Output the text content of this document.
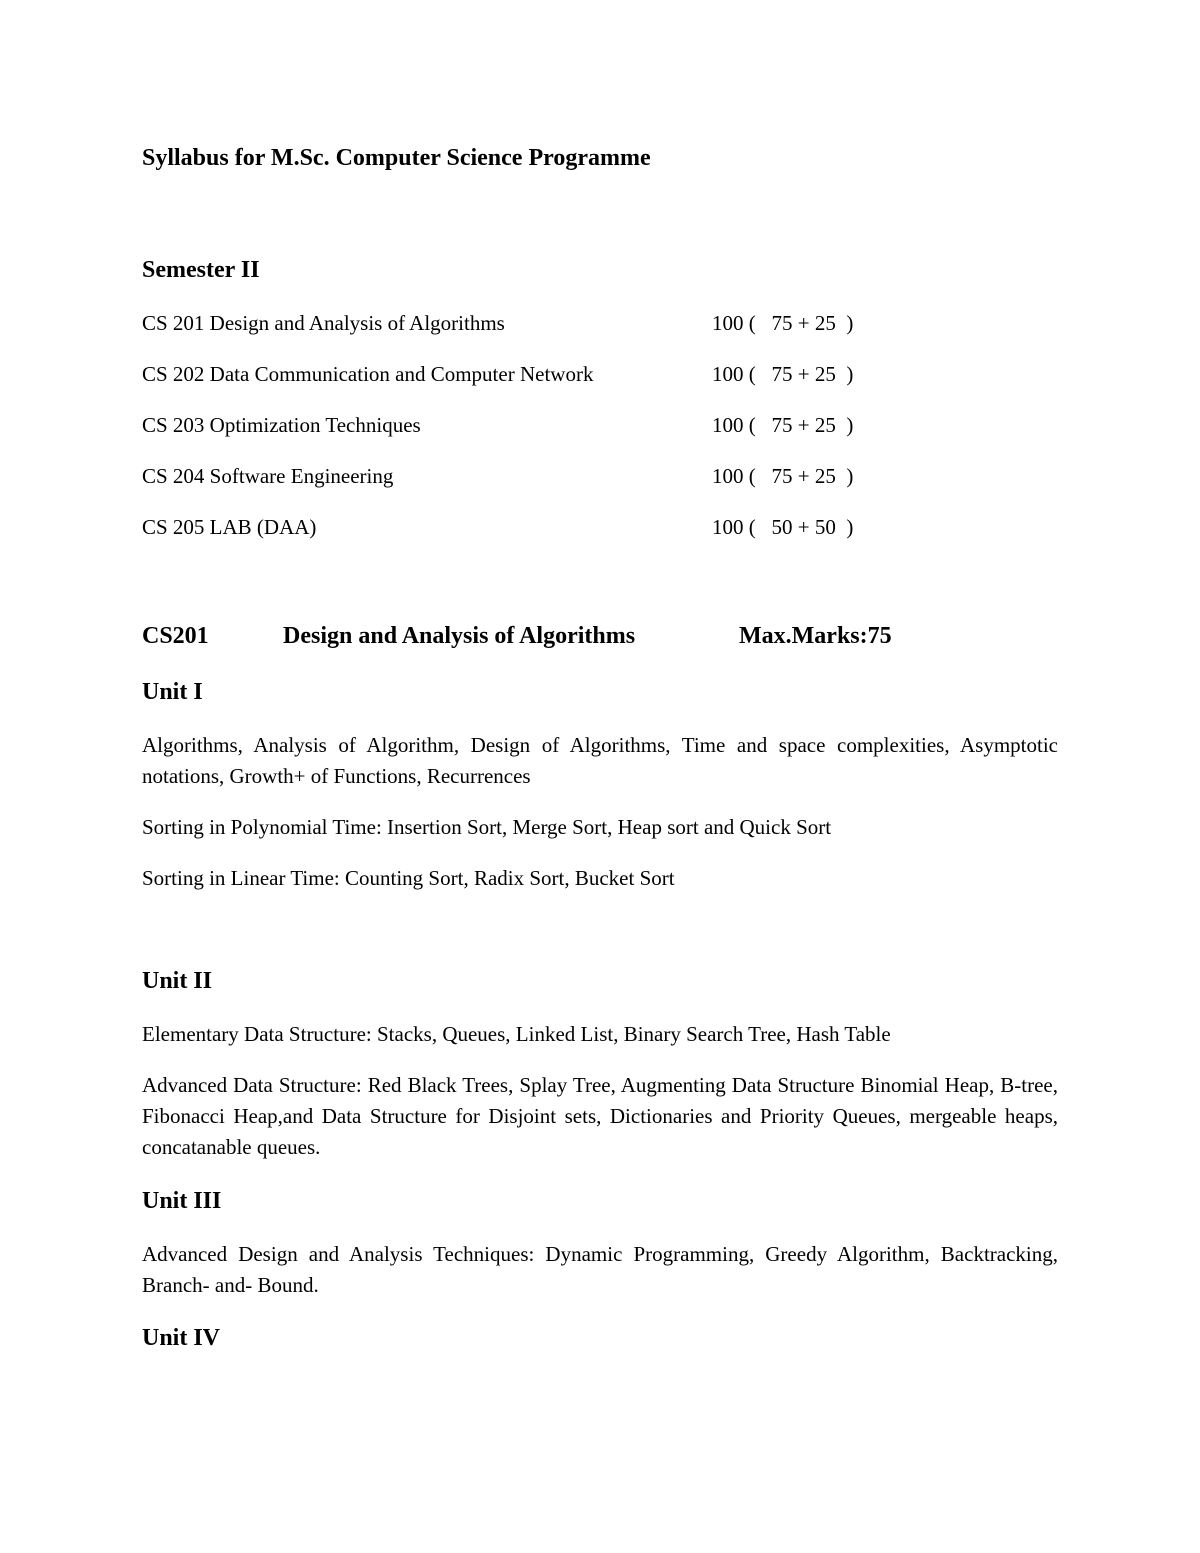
Syllabus for M.Sc. Computer Science Programme
Semester II
CS 201 Design and Analysis of Algorithms	100 (   75 + 25  )
CS 202 Data Communication and Computer Network	100 (   75 + 25  )
CS 203 Optimization Techniques	100 (   75 + 25  )
CS 204 Software Engineering	100 (   75 + 25  )
CS 205 LAB (DAA)	100 (   50 + 50  )
CS201	Design and Analysis of Algorithms	Max.Marks:75
Unit I
Algorithms, Analysis of Algorithm, Design of Algorithms, Time and space complexities, Asymptotic notations, Growth+ of Functions, Recurrences
Sorting in Polynomial Time: Insertion Sort, Merge Sort, Heap sort and Quick Sort
Sorting in Linear Time: Counting Sort, Radix Sort, Bucket Sort
Unit II
Elementary Data Structure: Stacks, Queues, Linked List, Binary Search Tree, Hash Table
Advanced Data Structure: Red Black Trees, Splay Tree, Augmenting Data Structure Binomial Heap, B-tree, Fibonacci Heap,and Data Structure for Disjoint sets, Dictionaries and Priority Queues, mergeable heaps, concatanable queues.
Unit III
Advanced Design and Analysis Techniques: Dynamic Programming, Greedy Algorithm, Backtracking, Branch- and- Bound.
Unit IV
